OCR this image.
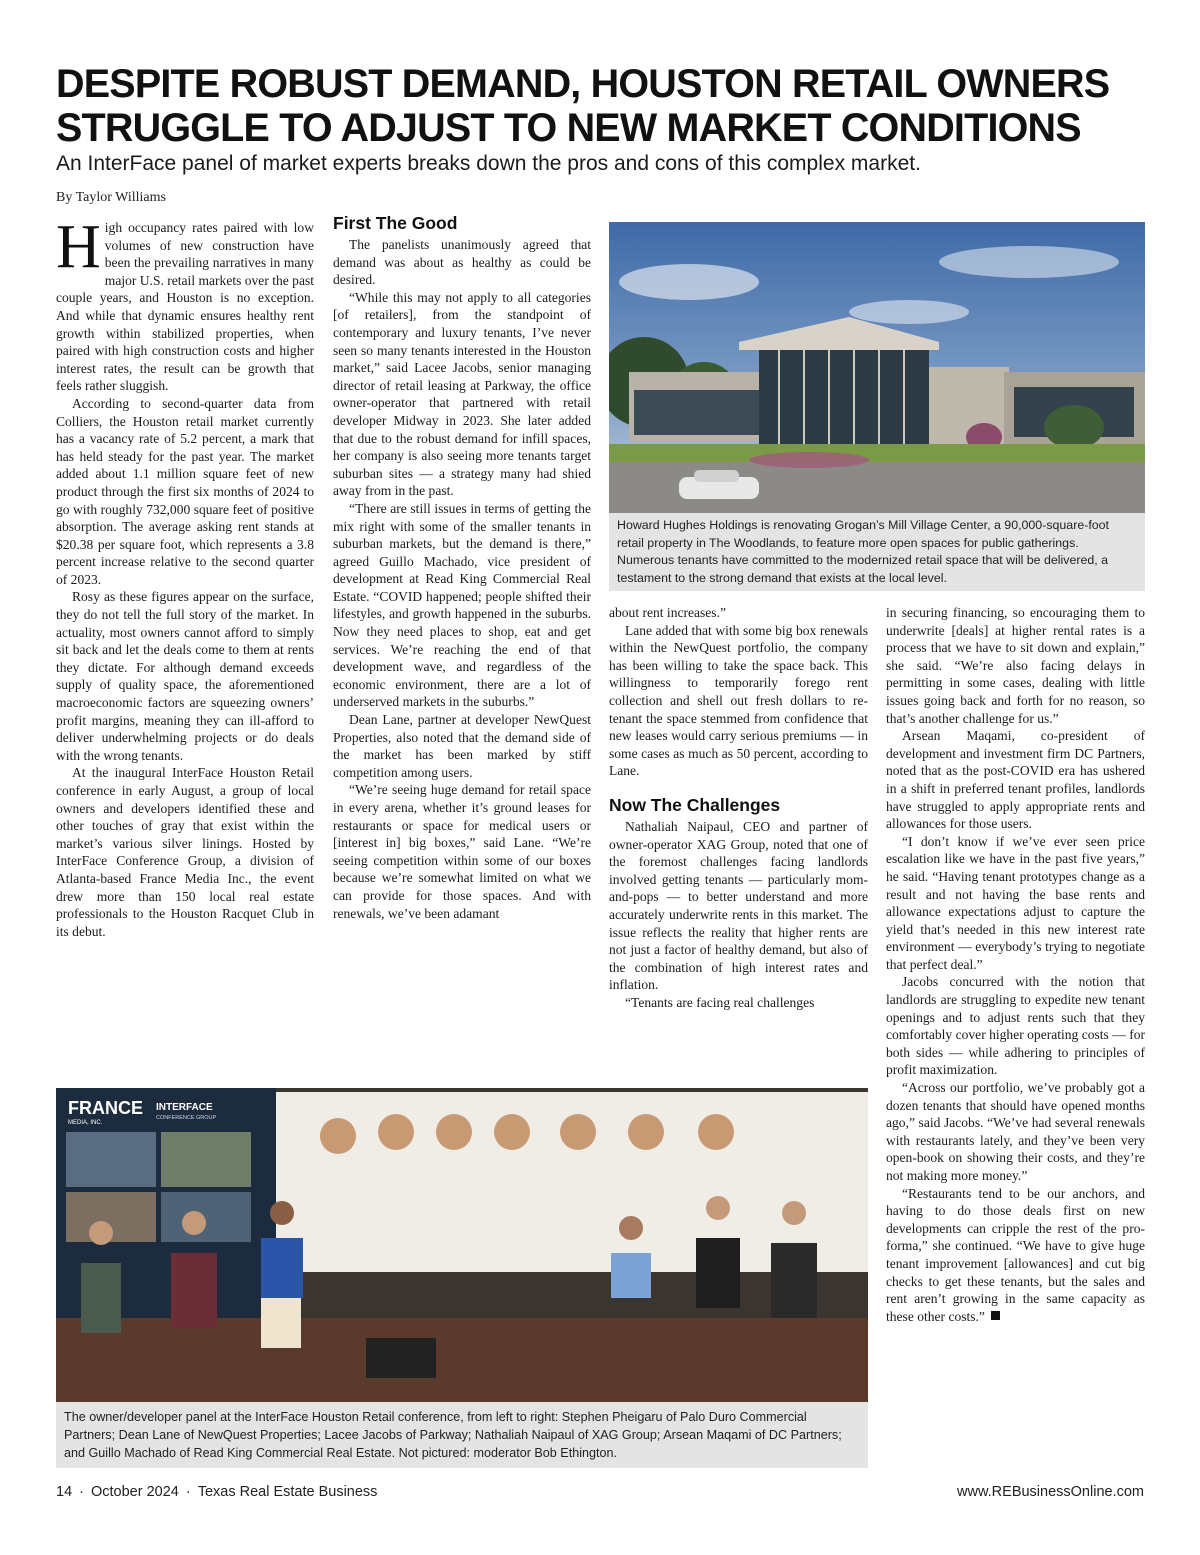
DESPITE ROBUST DEMAND, HOUSTON RETAIL OWNERS
STRUGGLE TO ADJUST TO NEW MARKET CONDITIONS
An InterFace panel of market experts breaks down the pros and cons of this complex market.
By Taylor Williams

High occupancy rates paired with low volumes of new construction have been the prevailing narratives in many major U.S. retail markets over the past couple years, and Houston is no exception. And while that dynamic ensures healthy rent growth within stabilized properties, when paired with high construction costs and higher interest rates, the result can be growth that feels rather sluggish.

According to second-quarter data from Colliers, the Houston retail market currently has a vacancy rate of 5.2 percent, a mark that has held steady for the past year. The market added about 1.1 million square feet of new product through the first six months of 2024 to go with roughly 732,000 square feet of positive absorption. The average asking rent stands at $20.38 per square foot, which represents a 3.8 percent increase relative to the second quarter of 2023.

Rosy as these figures appear on the surface, they do not tell the full story of the market. In actuality, most owners cannot afford to simply sit back and let the deals come to them at rents they dictate. For although demand exceeds supply of quality space, the aforementioned macroeconomic factors are squeezing owners’ profit margins, meaning they can ill-afford to deliver underwhelming projects or do deals with the wrong tenants.

At the inaugural InterFace Houston Retail conference in early August, a group of local owners and developers identified these and other touches of gray that exist within the market’s various silver linings. Hosted by InterFace Conference Group, a division of Atlanta-based France Media Inc., the event drew more than 150 local real estate professionals to the Houston Racquet Club in its debut.

First The Good

The panelists unanimously agreed that demand was about as healthy as could be desired.

“While this may not apply to all categories [of retailers], from the standpoint of contemporary and luxury tenants, I’ve never seen so many tenants interested in the Houston market,” said Lacee Jacobs, senior managing director of retail leasing at Parkway, the office owner-operator that partnered with retail developer Midway in 2023. She later added that due to the robust demand for infill spaces, her company is also seeing more tenants target suburban sites — a strategy many had shied away from in the past.

“There are still issues in terms of getting the mix right with some of the smaller tenants in suburban markets, but the demand is there,” agreed Guillo Machado, vice president of development at Read King Commercial Real Estate. “COVID happened; people shifted their lifestyles, and growth happened in the suburbs. Now they need places to shop, eat and get services. We’re reaching the end of that development wave, and regardless of the economic environment, there are a lot of underserved markets in the suburbs.”

Dean Lane, partner at developer NewQuest Properties, also noted that the demand side of the market has been marked by stiff competition among users.

“We’re seeing huge demand for retail space in every arena, whether it’s ground leases for restaurants or space for medical users or [interest in] big boxes,” said Lane. “We’re seeing competition within some of our boxes because we’re somewhat limited on what we can provide for those spaces. And with renewals, we’ve been adamant

Howard Hughes Holdings is renovating Grogan’s Mill Village Center, a 90,000-square-foot retail property in The Woodlands, to feature more open spaces for public gatherings. Numerous tenants have committed to the modernized retail space that will be delivered, a testament to the strong demand that exists at the local level.

about rent increases.”

Lane added that with some big box renewals within the NewQuest portfolio, the company has been willing to take the space back. This willingness to temporarily forego rent collection and shell out fresh dollars to re-tenant the space stemmed from confidence that new leases would carry serious premiums — in some cases as much as 50 percent, according to Lane.

Now The Challenges

Nathaliah Naipaul, CEO and partner of owner-operator XAG Group, noted that one of the foremost challenges facing landlords involved getting tenants — particularly mom-and-pops — to better understand and more accurately underwrite rents in this market. The issue reflects the reality that higher rents are not just a factor of healthy demand, but also of the combination of high interest rates and inflation.

“Tenants are facing real challenges

in securing financing, so encouraging them to underwrite [deals] at higher rental rates is a process that we have to sit down and explain,” she said. “We’re also facing delays in permitting in some cases, dealing with little issues going back and forth for no reason, so that’s another challenge for us.”

Arsean Maqami, co-president of development and investment firm DC Partners, noted that as the post-COVID era has ushered in a shift in preferred tenant profiles, landlords have struggled to apply appropriate rents and allowances for those users.

“I don’t know if we’ve ever seen price escalation like we have in the past five years,” he said. “Having tenant prototypes change as a result and not having the base rents and allowance expectations adjust to capture the yield that’s needed in this new interest rate environment — everybody’s trying to negotiate that perfect deal.”

Jacobs concurred with the notion that landlords are struggling to expedite new tenant openings and to adjust rents such that they comfortably cover higher operating costs — for both sides — while adhering to principles of profit maximization.

“Across our portfolio, we’ve probably got a dozen tenants that should have opened months ago,” said Jacobs. “We’ve had several renewals with restaurants lately, and they’ve been very open-book on showing their costs, and they’re not making more money.”

“Restaurants tend to be our anchors, and having to do those deals first on new developments can cripple the rest of the pro-forma,” she continued. “We have to give huge tenant improvement [allowances] and cut big checks to get these tenants, but the sales and rent aren’t growing in the same capacity as these other costs.”

FRANCE
MEDIA, INC.
INTERFACE
CONFERENCE GROUP
The owner/developer panel at the InterFace Houston Retail conference, from left to right: Stephen Pheigaru of Palo Duro Commercial Partners; Dean Lane of NewQuest Properties; Lacee Jacobs of Parkway; Nathaliah Naipaul of XAG Group; Arsean Maqami of DC Partners; and Guillo Machado of Read King Commercial Real Estate. Not pictured: moderator Bob Ethington.
14 · October 2024 · Texas Real Estate Business	www.REBusinessOnline.com
